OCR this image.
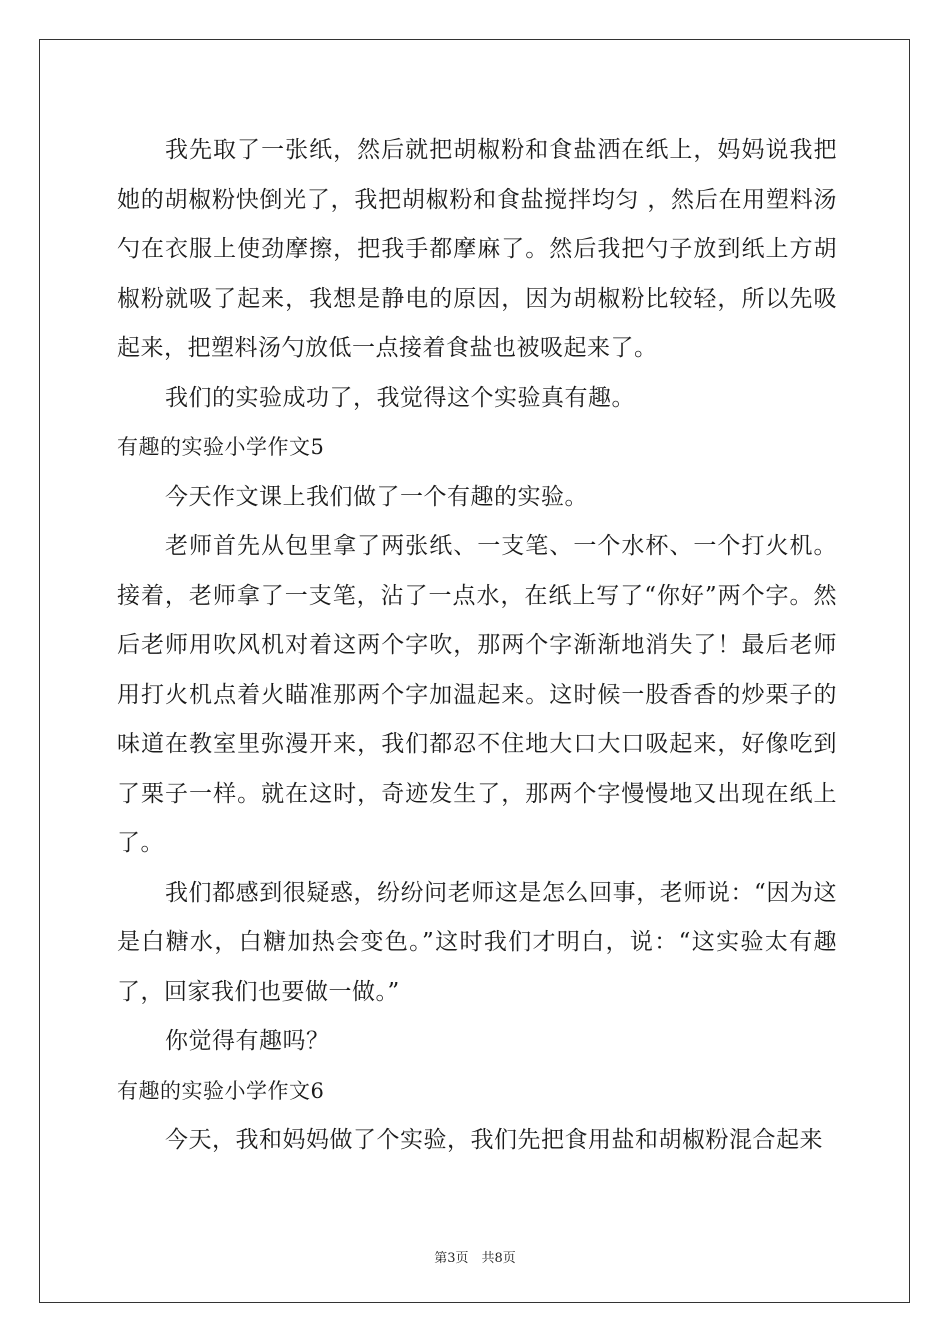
我先取了一张纸，然后就把胡椒粉和食盐洒在纸上，妈妈说我把她的胡椒粉快倒光了，我把胡椒粉和食盐搅拌均匀 ，然后在用塑料汤勺在衣服上使劲摩擦，把我手都摩麻了。然后我把勺子放到纸上方胡椒粉就吸了起来，我想是静电的原因，因为胡椒粉比较轻，所以先吸起来，把塑料汤勺放低一点接着食盐也被吸起来了。

我们的实验成功了，我觉得这个实验真有趣。

有趣的实验小学作文5

今天作文课上我们做了一个有趣的实验。

老师首先从包里拿了两张纸、一支笔、一个水杯、一个打火机。接着，老师拿了一支笔，沾了一点水，在纸上写了“你好”两个字。然后老师用吹风机对着这两个字吹，那两个字渐渐地消失了！最后老师用打火机点着火瞄准那两个字加温起来。这时候一股香香的炒栗子的味道在教室里弥漫开来，我们都忍不住地大口大口吸起来，好像吃到了栗子一样。就在这时，奇迹发生了，那两个字慢慢地又出现在纸上了。

我们都感到很疑惑，纷纷问老师这是怎么回事，老师说：“因为这是白糖水，白糖加热会变色。”这时我们才明白，说：“这实验太有趣了，回家我们也要做一做。”

你觉得有趣吗？

有趣的实验小学作文6

今天，我和妈妈做了个实验，我们先把食用盐和胡椒粉混合起来

第3页　共8页
